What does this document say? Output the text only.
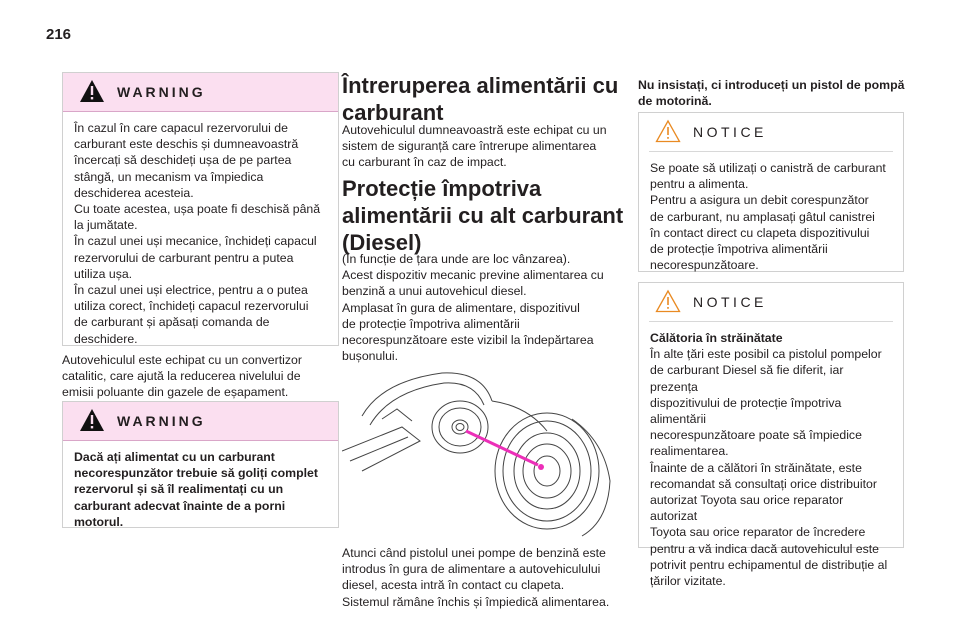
216
WARNING
În cazul în care capacul rezervorului de
carburant este deschis și dumneavoastră
încercați să deschideți ușa de pe partea
stângă, un mecanism va împiedica
deschiderea acesteia.
Cu toate acestea, ușa poate fi deschisă până
la jumătate.
În cazul unei uși mecanice, închideți capacul
rezervorului de carburant pentru a putea
utiliza ușa.
În cazul unei uși electrice, pentru a o putea
utiliza corect, închideți capacul rezervorului
de carburant și apăsați comanda de
deschidere.
Autovehiculul este echipat cu un convertizor
catalitic, care ajută la reducerea nivelului de
emisii poluante din gazele de eșapament.
WARNING
Dacă ați alimentat cu un carburant
necorespunzător trebuie să goliți complet
rezervorul și să îl realimentați cu un
carburant adecvat înainte de a porni
motorul.
Întreruperea alimentării cu
carburant
Autovehiculul dumneavoastră este echipat cu un
sistem de siguranță care întrerupe alimentarea
cu carburant în caz de impact.
Protecție împotriva
alimentării cu alt carburant
(Diesel)
(În funcție de țara unde are loc vânzarea).
Acest dispozitiv mecanic previne alimentarea cu
benzină a unui autovehicul diesel.
Amplasat în gura de alimentare, dispozitivul
de protecție împotriva alimentării
necorespunzătoare este vizibil la îndepărtarea
bușonului.
Atunci când pistolul unei pompe de benzină este
introdus în gura de alimentare a autovehiculului
diesel, acesta intră în contact cu clapeta.
Sistemul rămâne închis și împiedică alimentarea.
Nu insistați, ci introduceți un pistol de pompă
de motorină.
NOTICE
Se poate să utilizați o canistră de carburant
pentru a alimenta.
Pentru a asigura un debit corespunzător
de carburant, nu amplasați gâtul canistrei
în contact direct cu clapeta dispozitivului
de protecție împotriva alimentării
necorespunzătoare.
NOTICE
Călătoria în străinătate
În alte țări este posibil ca pistolul pompelor
de carburant Diesel să fie diferit, iar prezența
dispozitivului de protecție împotriva alimentării
necorespunzătoare poate să împiedice
realimentarea.
Înainte de a călători în străinătate, este
recomandat să consultați orice distribuitor
autorizat Toyota sau orice reparator autorizat
Toyota sau orice reparator de încredere
pentru a vă indica dacă autovehiculul este
potrivit pentru echipamentul de distribuție al
țărilor vizitate.
